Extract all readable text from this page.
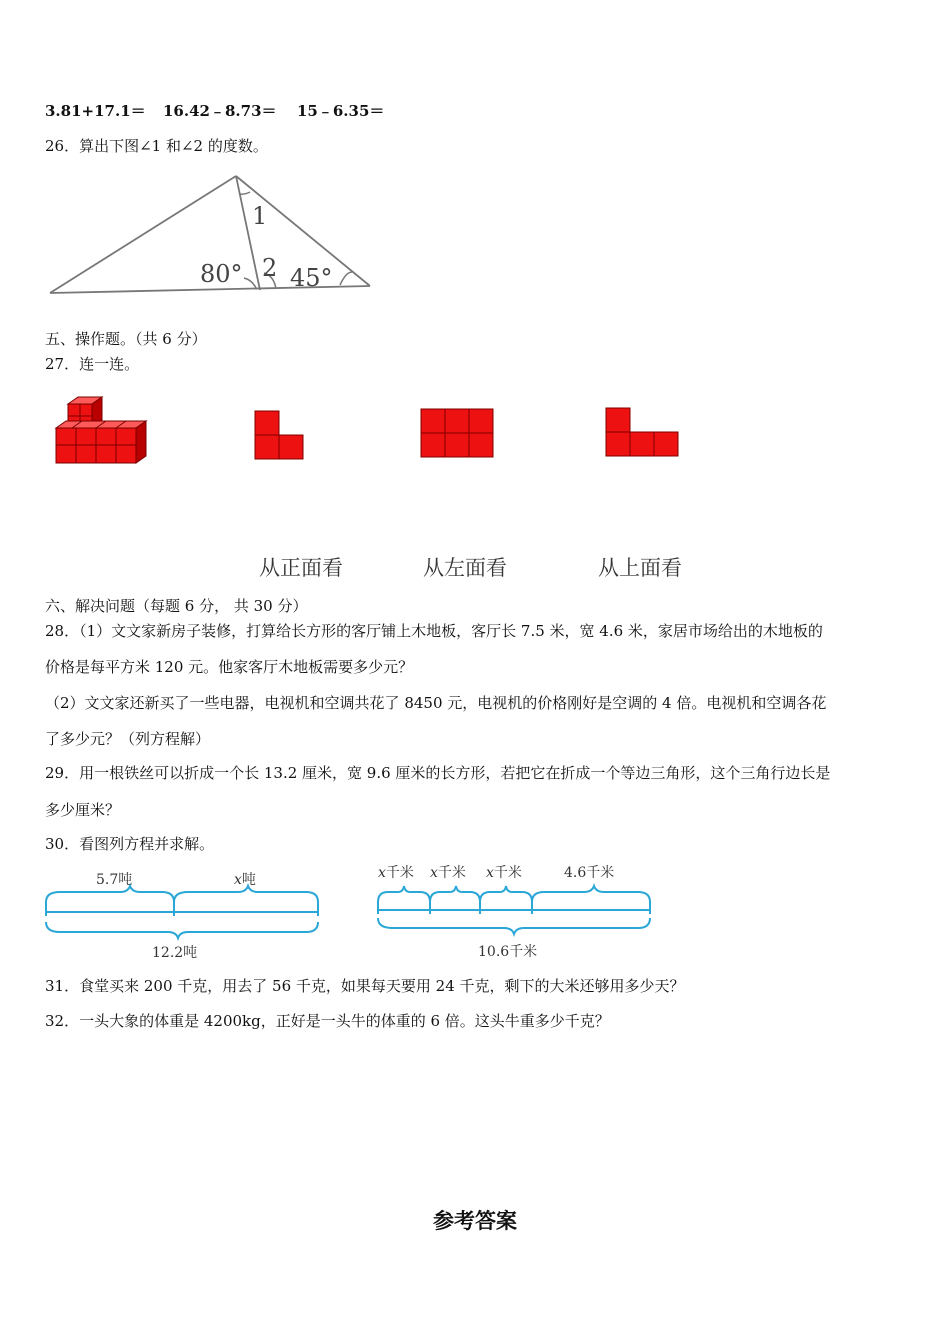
3.81+17.1＝ 16.42﹣8.73＝ 15﹣6.35＝
26．算出下图∠1 和∠2 的度数。
1
80° 2 45°
五、操作题。（共 6 分）
27．连一连。
从正面看	从左面看	从上面看
六、解决问题（每题 6 分， 共 30 分）
28．（1）文文家新房子装修，打算给长方形的客厅铺上木地板，客厅长 7.5 米，宽 4.6 米，家居市场给出的木地板的
价格是每平方米 120 元。他家客厅木地板需要多少元？
（2）文文家还新买了一些电器，电视机和空调共花了 8450 元，电视机的价格刚好是空调的 4 倍。电视机和空调各花
了多少元？（列方程解）
29．用一根铁丝可以折成一个长 13.2 厘米，宽 9.6 厘米的长方形，若把它在折成一个等边三角形，这个三角行边长是
多少厘米？
30．看图列方程并求解。
5.7吨	x吨
12.2吨
x千米 x千米 x千米	4.6千米
10.6千米
31．食堂买来 200 千克，用去了 56 千克，如果每天要用 24 千克，剩下的大米还够用多少天？
32．一头大象的体重是 4200kg，正好是一头牛的体重的 6 倍。这头牛重多少千克？
参考答案
